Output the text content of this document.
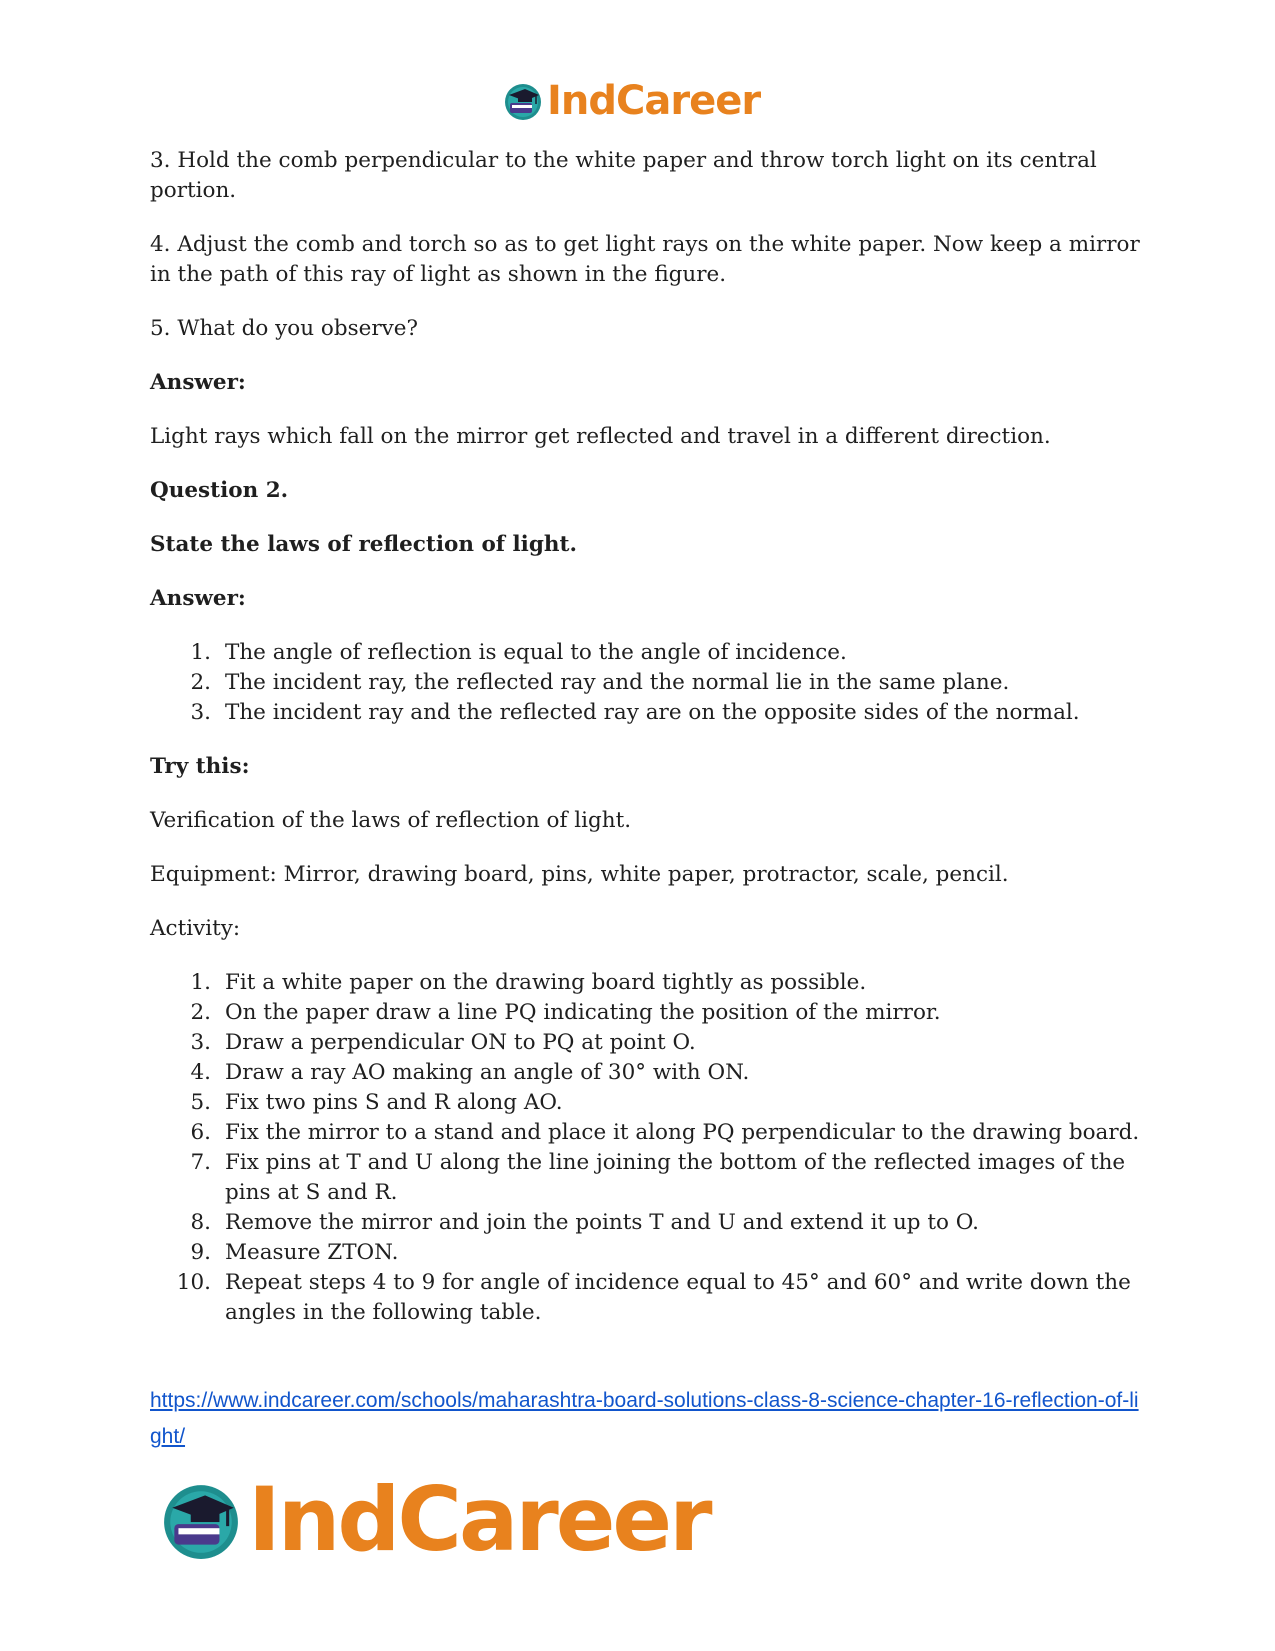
IndCareer

3. Hold the comb perpendicular to the white paper and throw torch light on its central portion.

4. Adjust the comb and torch so as to get light rays on the white paper. Now keep a mirror in the path of this ray of light as shown in the figure.

5. What do you observe?

Answer:

Light rays which fall on the mirror get reflected and travel in a different direction.

Question 2.

State the laws of reflection of light.

Answer:

1. The angle of reflection is equal to the angle of incidence.
2. The incident ray, the reflected ray and the normal lie in the same plane.
3. The incident ray and the reflected ray are on the opposite sides of the normal.

Try this:

Verification of the laws of reflection of light.

Equipment: Mirror, drawing board, pins, white paper, protractor, scale, pencil.

Activity:

1. Fit a white paper on the drawing board tightly as possible.
2. On the paper draw a line PQ indicating the position of the mirror.
3. Draw a perpendicular ON to PQ at point O.
4. Draw a ray AO making an angle of 30° with ON.
5. Fix two pins S and R along AO.
6. Fix the mirror to a stand and place it along PQ perpendicular to the drawing board.
7. Fix pins at T and U along the line joining the bottom of the reflected images of the pins at S and R.
8. Remove the mirror and join the points T and U and extend it up to O.
9. Measure ZTON.
10. Repeat steps 4 to 9 for angle of incidence equal to 45° and 60° and write down the angles in the following table.
https://www.indcareer.com/schools/maharashtra-board-solutions-class-8-science-chapter-16-reflection-of-light/
IndCareer
